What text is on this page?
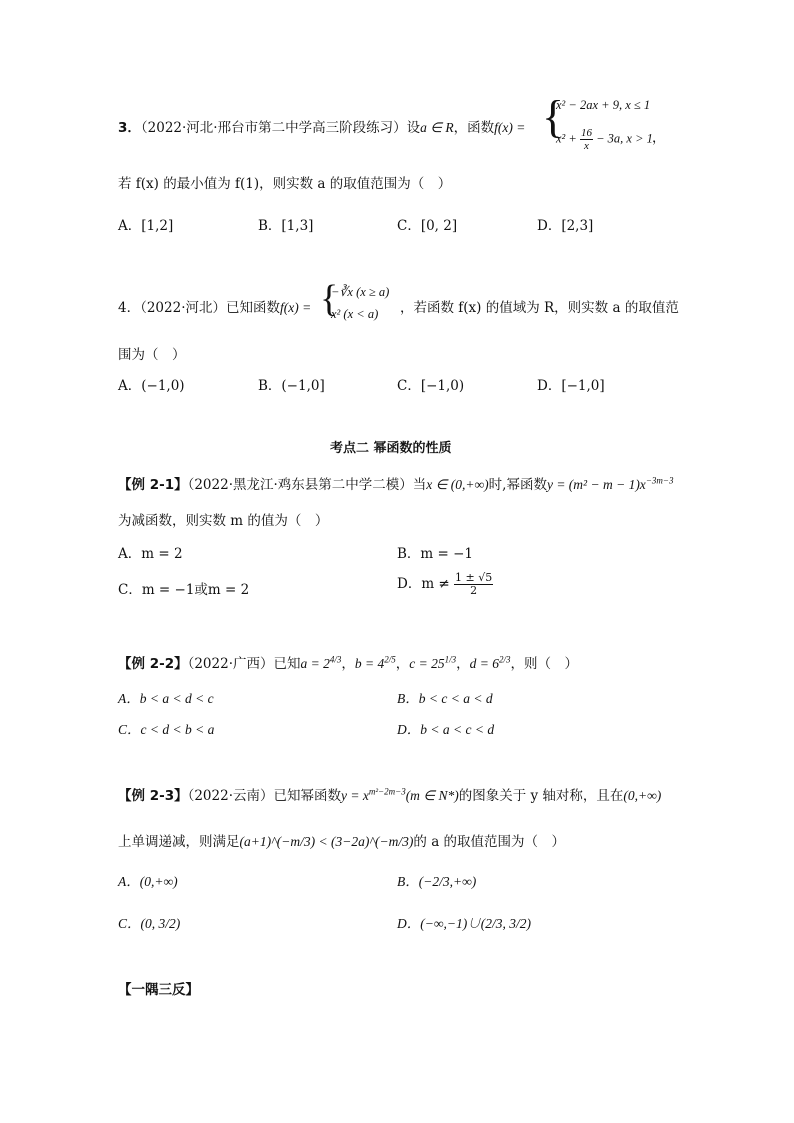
3．（2022·河北·邢台市第二中学高三阶段练习）设a ∈ R，函数f(x) = {
x² − 2ax + 9, x ≤ 1
$x^2 + \frac{16}{x} - 3a$, x > 1 ，
若 f(x) 的最小值为 f(1)，则实数 a 的取值范围为（　）
A．[1,2]	B．[1,3]	C．[0, 2]	D．[2,3]
4．（2022·河北）已知函数f(x) = {
−∛x (x ≥ a)
x² (x < a) ，若函数 f(x) 的值域为 R，则实数 a 的取值范
围为（　）
A．(−1,0)	B．(−1,0]	C．[−1,0)	D．[−1,0]
考点二 幂函数的性质
【例 2-1】（2022·黑龙江·鸡东县第二中学二模）当x ∈ (0,+∞)时,幂函数$y = (m^2 - m - 1)x^{-3m-3}$
为减函数，则实数 m 的值为（　）
A．m = 2	B．m = −1
C．m = −1或m = 2	D．$m \ne \frac{1 \pm √5}{2}$
【例 2-2】（2022·广西）已知$a = 2^{4/3}$，$b = 4^{2/5}$，$c = 25^{1/3}$，$d = 6^{2/3}$，则（　）
A．b < a < d < c	B．b < c < a < d
C．c < d < b < a	D．b < a < c < d
【例 2-3】（2022·云南）已知幂函数$y = x^{m^2-2m-3}(m$ ∈ N*)的图象关于 y 轴对称，且在(0,+∞)
上单调递减，则满足(a+1)^(−m/3) < (3−2a)^(−m/3)的 a 的取值范围为（　）
A．(0,+∞)	B．(−2/3,+∞)
C．(0, 3/2)	D．(−∞,−1)∪(2/3, 3/2)
【一隅三反】
